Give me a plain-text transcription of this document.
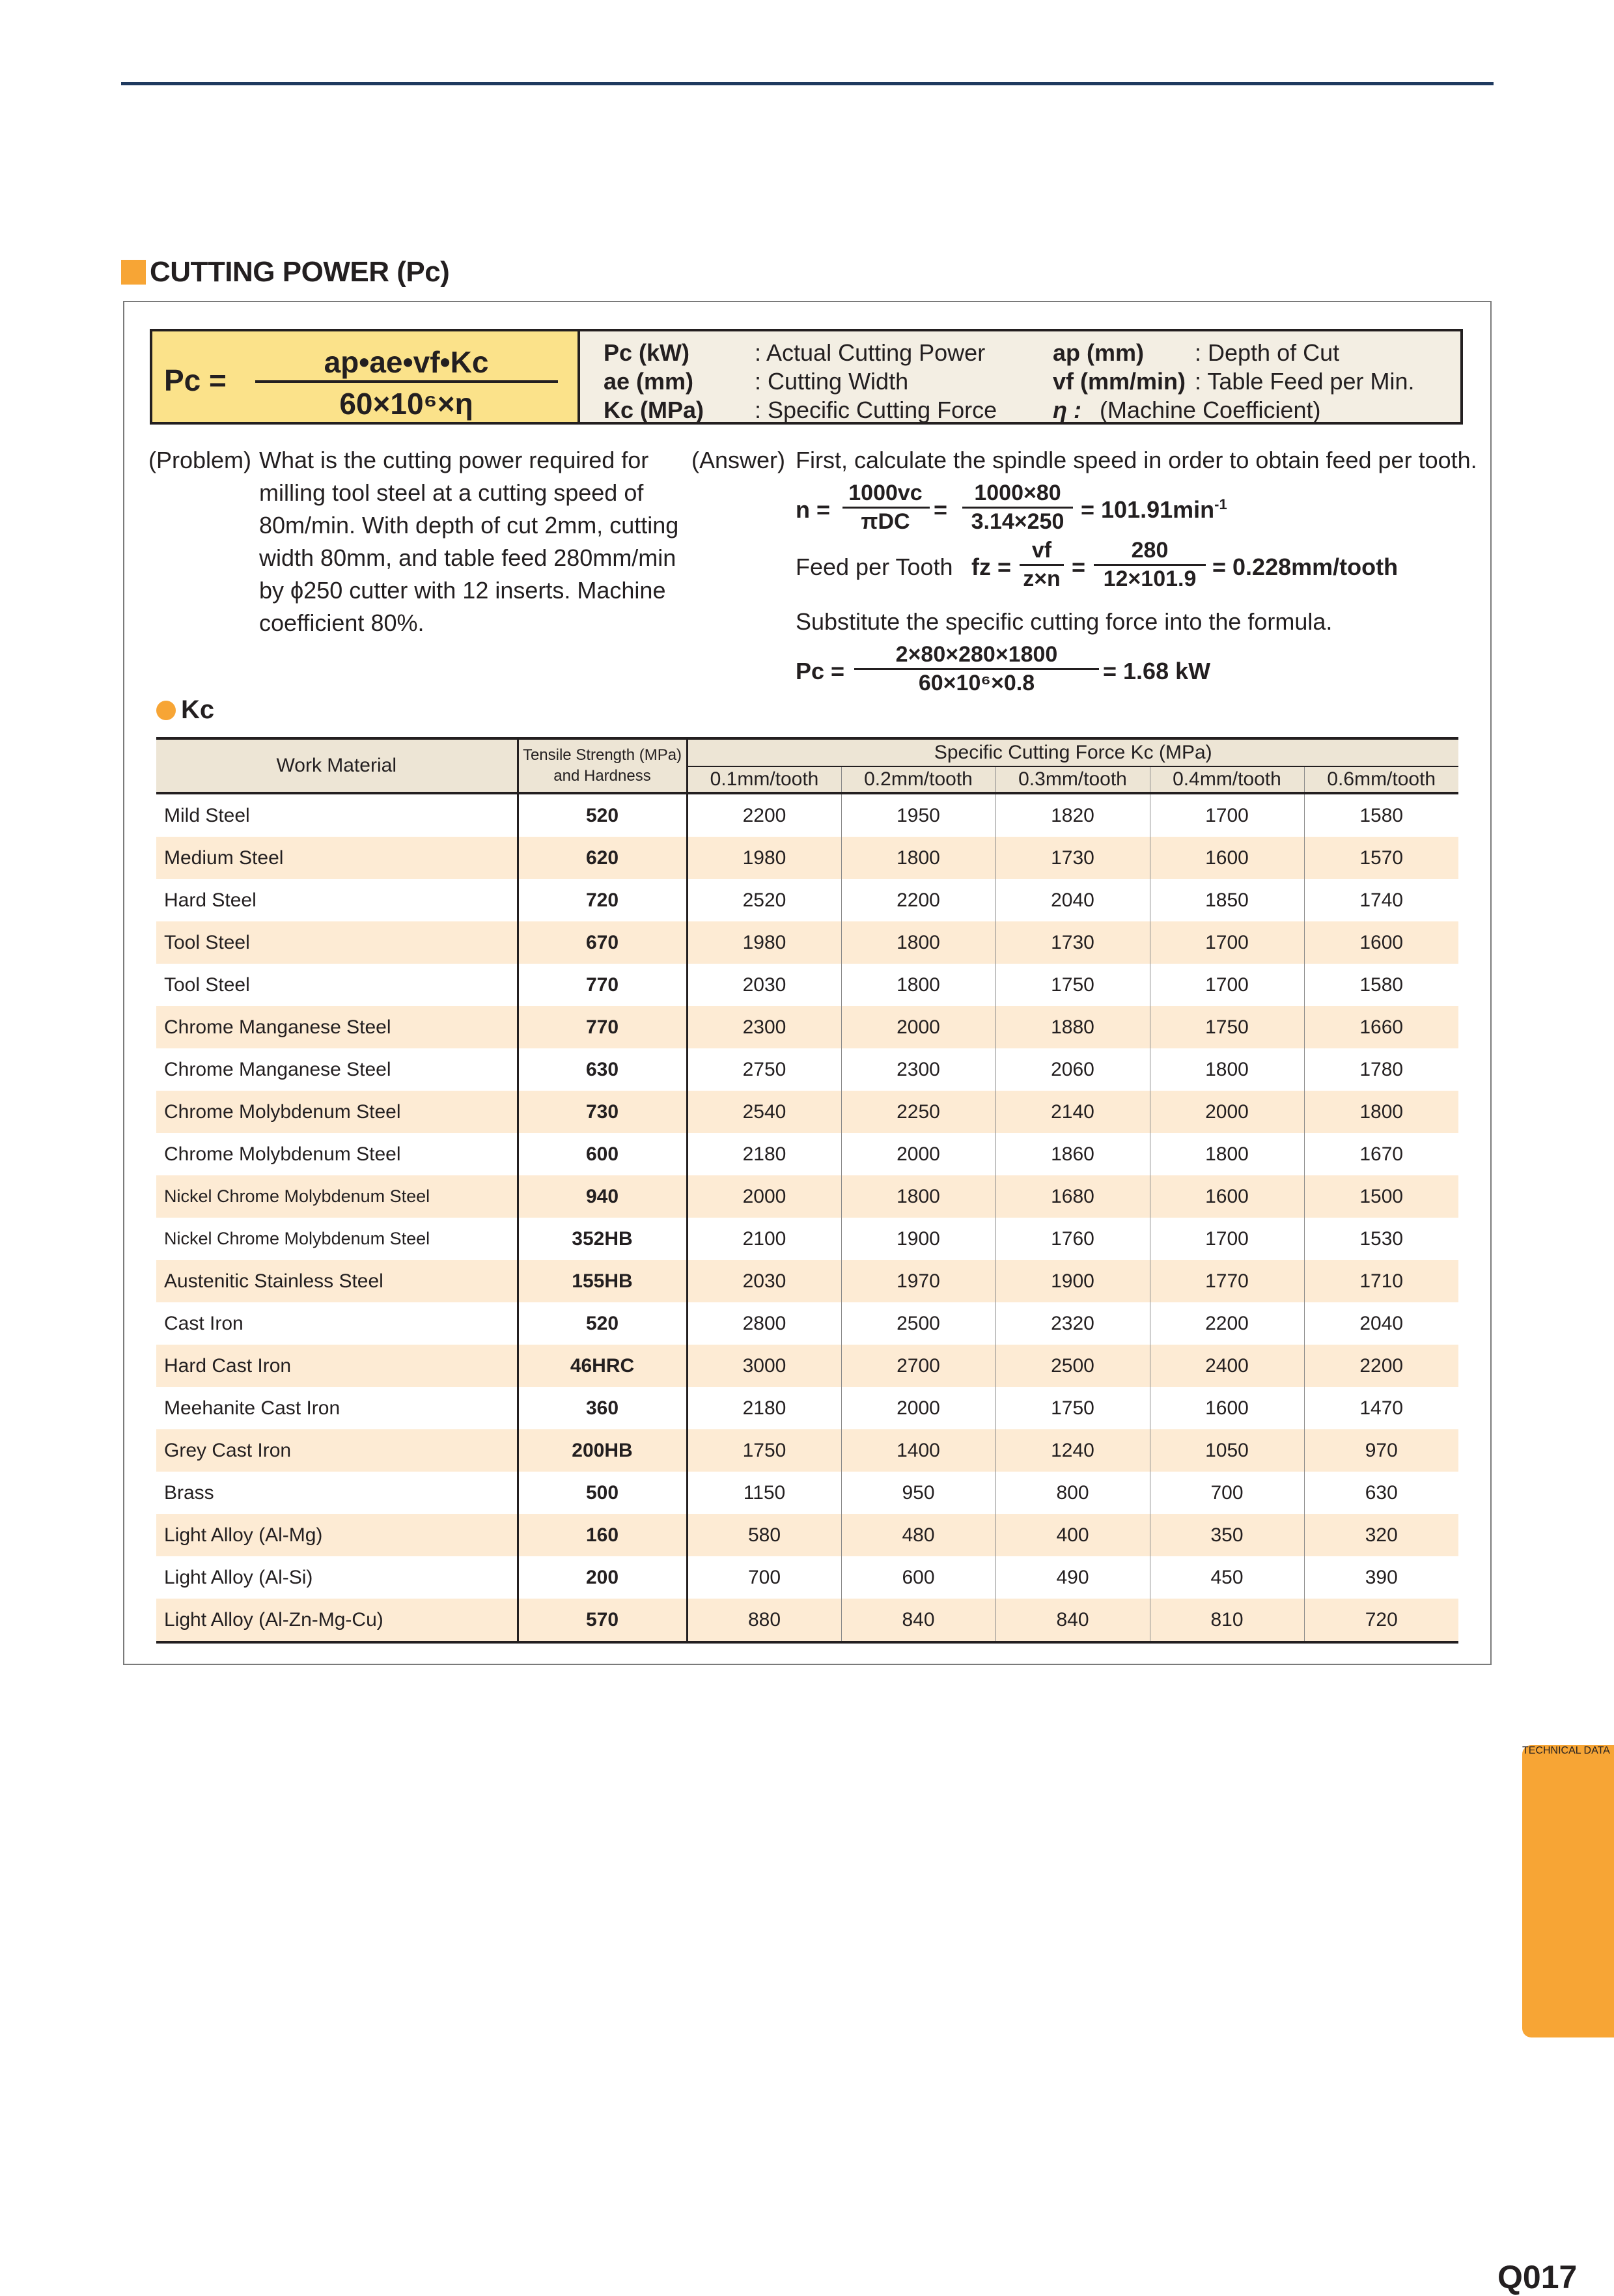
CUTTING POWER (Pc)
Pc =
ap•ae•vf•Kc
60×10⁶×η
Pc (kW)	: Actual Cutting Power	ap (mm) : Depth of Cut
ae (mm)	: Cutting Width	vf (mm/min) : Table Feed per Min.
Kc (MPa) : Specific Cutting Force η : (Machine Coefficient)
(Problem) What is the cutting power required for
milling tool steel at a cutting speed of
80m/min. With depth of cut 2mm, cutting
width 80mm, and table feed 280mm/min
by ϕ250 cutter with 12 inserts. Machine
coefficient 80%.
(Answer) First, calculate the spindle speed in order to obtain feed per tooth.
n =
1000vc
πDC	=
1000×80
$3.14\times 250 = 101.91\min^{-1}$
Feed per Tooth fz =
vf
z×n =
280
12×101.9 = 0.228mm/tooth
Substitute the specific cutting force into the formula.
Pc =
2×80×280×1800
60×10⁶×0.8	= 1.68 kW
Kc
Work Material	Tensile Strength (MPa)
and Hardness	Specific Cutting Force Kc (MPa)				
		0.1mm/tooth	0.2mm/tooth	0.3mm/tooth	0.4mm/tooth	0.6mm/tooth
Mild Steel	520	2200	1950	1820	1700	1580
Medium Steel	620	1980	1800	1730	1600	1570
Hard Steel	720	2520	2200	2040	1850	1740
Tool Steel	670	1980	1800	1730	1700	1600
Tool Steel	770	2030	1800	1750	1700	1580
Chrome Manganese Steel	770	2300	2000	1880	1750	1660
Chrome Manganese Steel	630	2750	2300	2060	1800	1780
Chrome Molybdenum Steel	730	2540	2250	2140	2000	1800
Chrome Molybdenum Steel	600	2180	2000	1860	1800	1670
Nickel Chrome Molybdenum Steel	940	2000	1800	1680	1600	1500
Nickel Chrome Molybdenum Steel	352HB	2100	1900	1760	1700	1530
Austenitic Stainless Steel	155HB	2030	1970	1900	1770	1710
Cast Iron	520	2800	2500	2320	2200	2040
Hard Cast Iron	46HRC	3000	2700	2500	2400	2200
Meehanite Cast Iron	360	2180	2000	1750	1600	1470
Grey Cast Iron	200HB	1750	1400	1240	1050	970
Brass	500	1150	950	800	700	630
Light Alloy (Al-Mg)	160	580	480	400	350	320
Light Alloy (Al-Si)	200	700	600	490	450	390
Light Alloy (Al-Zn-Mg-Cu)	570	880	840	840	810	720
TECHNICAL DATA
Q017
